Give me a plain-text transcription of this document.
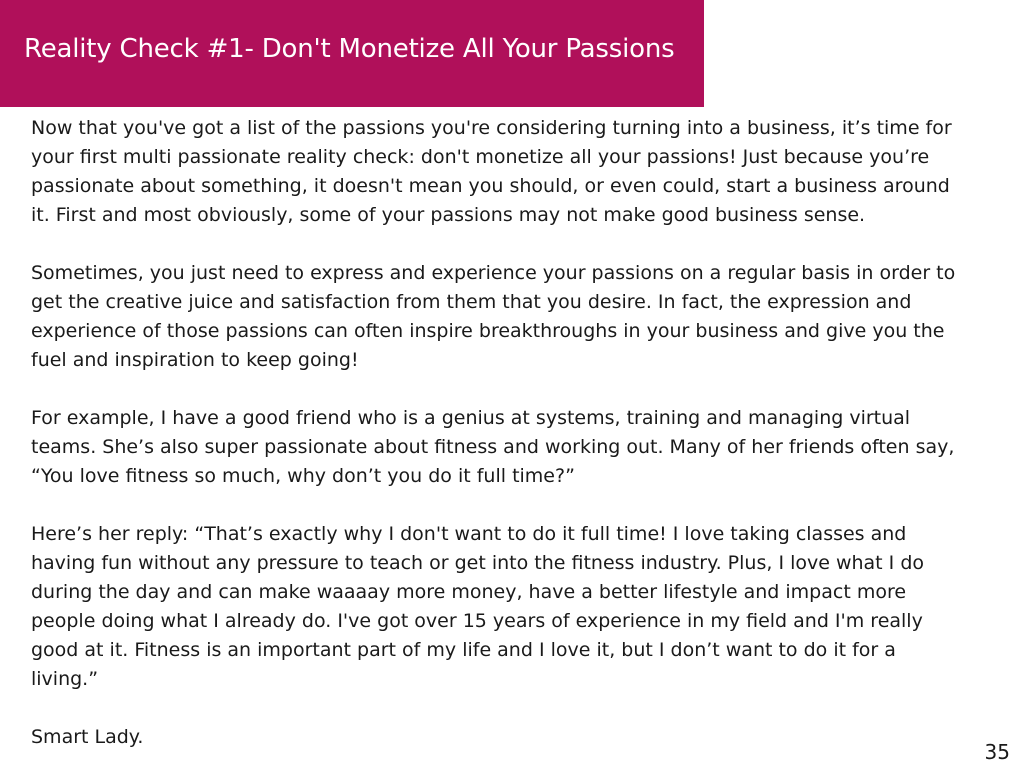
Reality Check #1- Don't Monetize All Your Passions

Now that you've got a list of the passions you're considering turning into a business, it’s time for
your first multi passionate reality check: don't monetize all your passions! Just because you’re
passionate about something, it doesn't mean you should, or even could, start a business around
it. First and most obviously, some of your passions may not make good business sense.

Sometimes, you just need to express and experience your passions on a regular basis in order to
get the creative juice and satisfaction from them that you desire. In fact, the expression and
experience of those passions can often inspire breakthroughs in your business and give you the
fuel and inspiration to keep going!

For example, I have a good friend who is a genius at systems, training and managing virtual
teams. She’s also super passionate about fitness and working out. Many of her friends often say,
“You love fitness so much, why don’t you do it full time?”

Here’s her reply: “That’s exactly why I don't want to do it full time! I love taking classes and
having fun without any pressure to teach or get into the fitness industry. Plus, I love what I do
during the day and can make waaaay more money, have a better lifestyle and impact more
people doing what I already do. I've got over 15 years of experience in my field and I'm really
good at it. Fitness is an important part of my life and I love it, but I don’t want to do it for a
living.”

Smart Lady.

35
